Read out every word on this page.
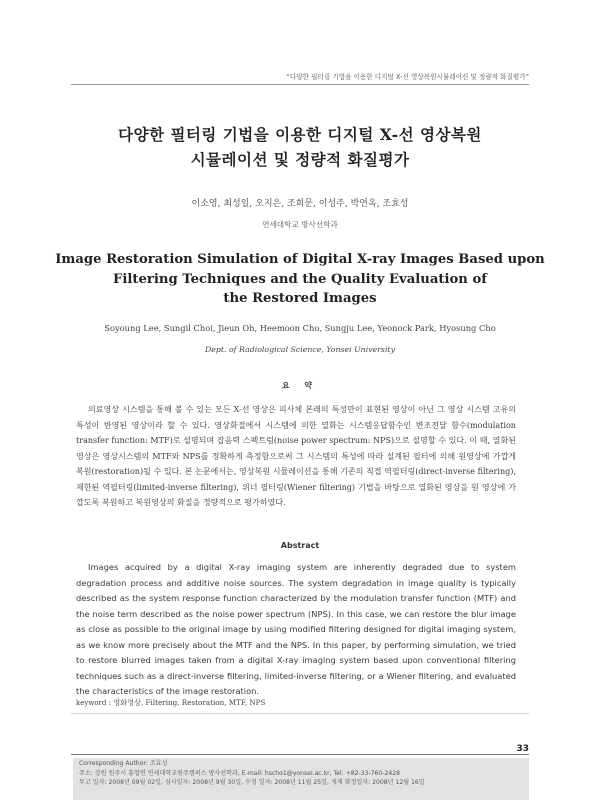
“다양한 필터링 기법을 이용한 디지털 X-선 영상복원시뮬레이션 및 정량적 화질평가”
다양한 필터링 기법을 이용한 디지털 X-선 영상복원
시뮬레이션 및 정량적 화질평가
이소영, 최성일, 오지은, 조희문, 이성주, 박연옥, 조효성
연세대학교 방사선학과
Image Restoration Simulation of Digital X-ray Images Based upon
Filtering Techniques and the Quality Evaluation of
the Restored Images
Soyoung Lee, Sungil Choi, Jieun Oh, Heemoon Cho, Sungju Lee, Yeonock Park, Hyosung Cho
Dept. of Radiological Science, Yonsei University
요 약

의료영상 시스템을 통해 볼 수 있는 모든 X-선 영상은 피사체 본래의 특성만이 표현된 영상이 아닌 그 영상 시스템 고유의 특성이 반영된 영상이라 할 수 있다. 영상화절에서 시스템에 의한 열화는 시스템응답함수인 변조전달 함수(modulation transfer function: MTF)로 설명되며 잡음력 스펙트럼(noise power spectrum: NPS)으로 설명할 수 있다. 이 때, 열화된 영상은 영상시스템의 MTF와 NPS를 정확하게 측정함으로써 그 시스템의 특성에 따라 설계된 필터에 의해 원영상에 가깝게 복원(restoration)될 수 있다. 본 논문에서는, 영상복원 시뮬레이션을 통해 기존의 직접 역필터링(direct-inverse filtering), 제한된 역필터링(limited-inverse filtering), 위너 필터링(Wiener filtering) 기법을 바탕으로 열화된 영상을 원 영상에 가깝도록 복원하고 복원영상의 화질을 정량적으로 평가하였다.

Abstract

Images acquired by a digital X-ray imaging system are inherently degraded due to system degradation process and additive noise sources. The system degradation in image quality is typically described as the system response function characterized by the modulation transfer function (MTF) and the noise term described as the noise power spectrum (NPS). In this case, we can restore the blur image as close as possible to the original image by using modified filtering designed for digital imaging system, as we know more precisely about the MTF and the NPS. In this paper, by performing simulation, we tried to restore blurred images taken from a digital X-ray imaging system based upon conventional filtering techniques such as a direct-inverse filtering, limited-inverse filtering, or a Wiener filtering, and evaluated the characteristics of the image restoration.

keyword : 영화영상, Filtering, Restoration, MTF, NPS
33
Corresponding Author: 조효성
주소: 강원 원주시 흥업면 연세대학교원주캠퍼스 방사선학과, E-mail: hscho1@yonsei.ac.kr, Tel: +82-33-760-2428
투고 일자: 2008년 09월 02일, 심사일자: 2008년 9월 30일, 수정 일자: 2008년 11월 25일, 게재 확정일자: 2008년 12월 16일
